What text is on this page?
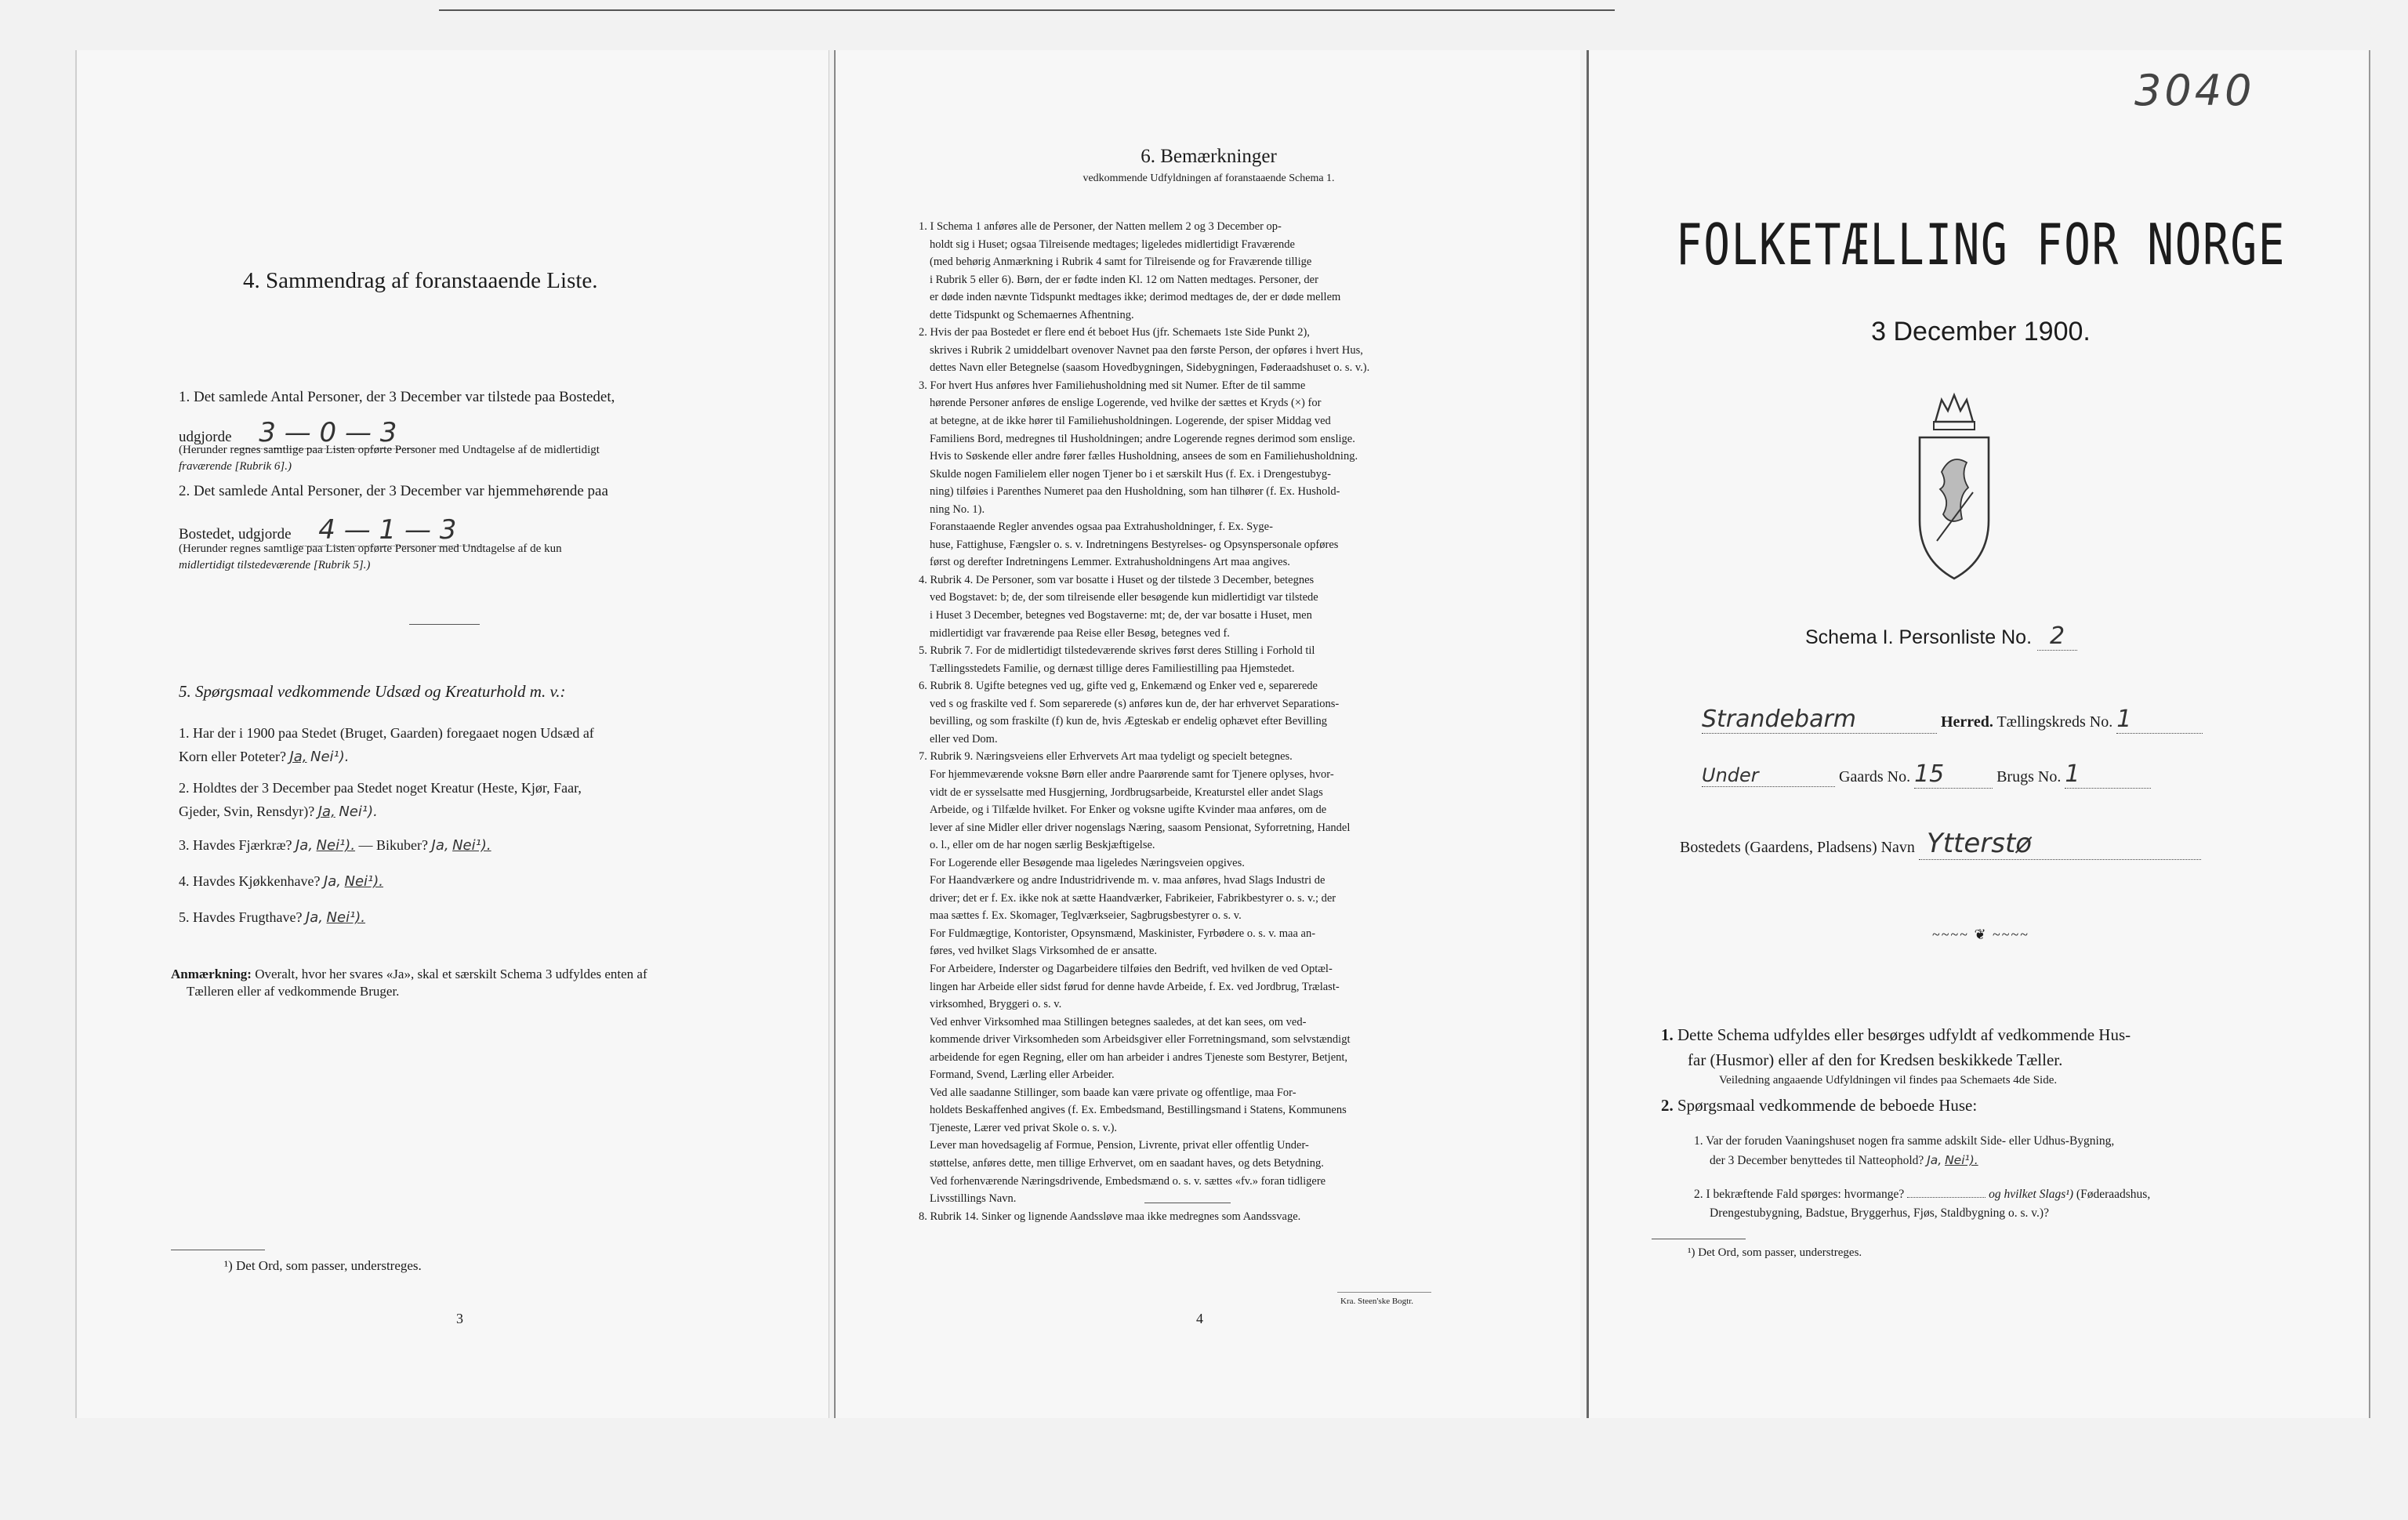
4. Sammendrag af foranstaaende Liste.
1. Det samlede Antal Personer, der 3 December var tilstede paa Bostedet,
udgjorde 3 — 0 — 3
(Herunder regnes samtlige paa Listen opførte Personer med Undtagelse af de midlertidigt
fraværende [Rubrik 6].)
2. Det samlede Antal Personer, der 3 December var hjemmehørende paa
Bostedet, udgjorde 4 — 1 — 3
(Herunder regnes samtlige paa Listen opførte Personer med Undtagelse af de kun
midlertidigt tilstedeværende [Rubrik 5].)
5. Spørgsmaal vedkommende Udsæd og Kreaturhold m. v.:
1. Har der i 1900 paa Stedet (Bruget, Gaarden) foregaaet nogen Udsæd af
Korn eller Poteter? Ja, Nei¹).
2. Holdtes der 3 December paa Stedet noget Kreatur (Heste, Kjør, Faar,
Gjeder, Svin, Rensdyr)? Ja, Nei¹).
3. Havdes Fjærkræ? Ja, Nei¹). — Bikuber? Ja, Nei¹).
4. Havdes Kjøkkenhave? Ja, Nei¹).
5. Havdes Frugthave? Ja, Nei¹).
Anmærkning: Overalt, hvor her svares «Ja», skal et særskilt Schema 3 udfyldes enten af
Tælleren eller af vedkommende Bruger.
¹) Det Ord, som passer, understreges.
3
6. Bemærkninger
vedkommende Udfyldningen af foranstaaende Schema 1.
1. I Schema 1 anføres alle de Personer, der Natten mellem 2 og 3 December op-
holdt sig i Huset; ogsaa Tilreisende medtages; ligeledes midlertidigt Fraværende
(med behørig Anmærkning i Rubrik 4 samt for Tilreisende og for Fraværende tillige
i Rubrik 5 eller 6). Børn, der er fødte inden Kl. 12 om Natten medtages. Personer, der
er døde inden nævnte Tidspunkt medtages ikke; derimod medtages de, der er døde mellem
dette Tidspunkt og Schemaernes Afhentning.
2. Hvis der paa Bostedet er flere end ét beboet Hus (jfr. Schemaets 1ste Side Punkt 2),
skrives i Rubrik 2 umiddelbart ovenover Navnet paa den første Person, der opføres i hvert Hus,
dettes Navn eller Betegnelse (saasom Hovedbygningen, Sidebygningen, Føderaadshuset o. s. v.).
3. For hvert Hus anføres hver Familiehusholdning med sit Numer. Efter de til samme
hørende Personer anføres de enslige Logerende, ved hvilke der sættes et Kryds (×) for
at betegne, at de ikke hører til Familiehusholdningen. Logerende, der spiser Middag ved
Familiens Bord, medregnes til Husholdningen; andre Logerende regnes derimod som enslige.
Hvis to Søskende eller andre fører fælles Husholdning, ansees de som en Familiehusholdning.
Skulde nogen Familielem eller nogen Tjener bo i et særskilt Hus (f. Ex. i Drengestubyg-
ning) tilføies i Parenthes Numeret paa den Husholdning, som han tilhører (f. Ex. Hushold-
ning No. 1).
Foranstaaende Regler anvendes ogsaa paa Extrahusholdninger, f. Ex. Syge-
huse, Fattighuse, Fængsler o. s. v. Indretningens Bestyrelses- og Opsynspersonale opføres
først og derefter Indretningens Lemmer. Extrahusholdningens Art maa angives.
4. Rubrik 4. De Personer, som var bosatte i Huset og der tilstede 3 December, betegnes
ved Bogstavet: b; de, der som tilreisende eller besøgende kun midlertidigt var tilstede
i Huset 3 December, betegnes ved Bogstaverne: mt; de, der var bosatte i Huset, men
midlertidigt var fraværende paa Reise eller Besøg, betegnes ved f.
5. Rubrik 7. For de midlertidigt tilstedeværende skrives først deres Stilling i Forhold til
Tællingsstedets Familie, og dernæst tillige deres Familiestilling paa Hjemstedet.
6. Rubrik 8. Ugifte betegnes ved ug, gifte ved g, Enkemænd og Enker ved e, separerede
ved s og fraskilte ved f. Som separerede (s) anføres kun de, der har erhvervet Separations-
bevilling, og som fraskilte (f) kun de, hvis Ægteskab er endelig ophævet efter Bevilling
eller ved Dom.
7. Rubrik 9. Næringsveiens eller Erhvervets Art maa tydeligt og specielt betegnes.
For hjemmeværende voksne Børn eller andre Paarørende samt for Tjenere oplyses, hvor-
vidt de er sysselsatte med Husgjerning, Jordbrugsarbeide, Kreaturstel eller andet Slags
Arbeide, og i Tilfælde hvilket. For Enker og voksne ugifte Kvinder maa anføres, om de
lever af sine Midler eller driver nogenslags Næring, saasom Pensionat, Syforretning, Handel
o. l., eller om de har nogen særlig Beskjæftigelse.
For Logerende eller Besøgende maa ligeledes Næringsveien opgives.
For Haandværkere og andre Industridrivende m. v. maa anføres, hvad Slags Industri de
driver; det er f. Ex. ikke nok at sætte Haandværker, Fabrikeier, Fabrikbestyrer o. s. v.; der
maa sættes f. Ex. Skomager, Teglværkseier, Sagbrugsbestyrer o. s. v.
For Fuldmægtige, Kontorister, Opsynsmænd, Maskinister, Fyrbødere o. s. v. maa an-
føres, ved hvilket Slags Virksomhed de er ansatte.
For Arbeidere, Inderster og Dagarbeidere tilføies den Bedrift, ved hvilken de ved Optæl-
lingen har Arbeide eller sidst førud for denne havde Arbeide, f. Ex. ved Jordbrug, Trælast-
virksomhed, Bryggeri o. s. v.
Ved enhver Virksomhed maa Stillingen betegnes saaledes, at det kan sees, om ved-
kommende driver Virksomheden som Arbeidsgiver eller Forretningsmand, som selvstændigt
arbeidende for egen Regning, eller om han arbeider i andres Tjeneste som Bestyrer, Betjent,
Formand, Svend, Lærling eller Arbeider.
Ved alle saadanne Stillinger, som baade kan være private og offentlige, maa For-
holdets Beskaffenhed angives (f. Ex. Embedsmand, Bestillingsmand i Statens, Kommunens
Tjeneste, Lærer ved privat Skole o. s. v.).
Lever man hovedsagelig af Formue, Pension, Livrente, privat eller offentlig Under-
støttelse, anføres dette, men tillige Erhvervet, om en saadant haves, og dets Betydning.
Ved forhenværende Næringsdrivende, Embedsmænd o. s. v. sættes «fv.» foran tidligere
Livsstillings Navn.
8. Rubrik 14. Sinker og lignende Aandssløve maa ikke medregnes som Aandssvage.
4
Kra. Steen'ske Bogtr.
3040
FOLKETÆLLING FOR NORGE
3 December 1900.
Schema I. Personliste No. 2
Strandebarm	Herred. Tællingskreds No. 1
Under	Gaards No. 15	Brugs No. 1
Bostedets (Gaardens, Pladsens) Navn Ytterstø
~~~~ ❦ ~~~~
1. Dette Schema udfyldes eller besørges udfyldt af vedkommende Hus-
far (Husmor) eller af den for Kredsen beskikkede Tæller.
Veiledning angaaende Udfyldningen vil findes paa Schemaets 4de Side.
2. Spørgsmaal vedkommende de beboede Huse:
1. Var der foruden Vaaningshuset nogen fra samme adskilt Side- eller Udhus-Bygning,
der 3 December benyttedes til Natteophold? Ja, Nei¹).
2. I bekræftende Fald spørges: hvormange?	og hvilket Slags¹) (Føderaadshus,
Drengestubygning, Badstue, Bryggerhus, Fjøs, Staldbygning o. s. v.)?
¹) Det Ord, som passer, understreges.
